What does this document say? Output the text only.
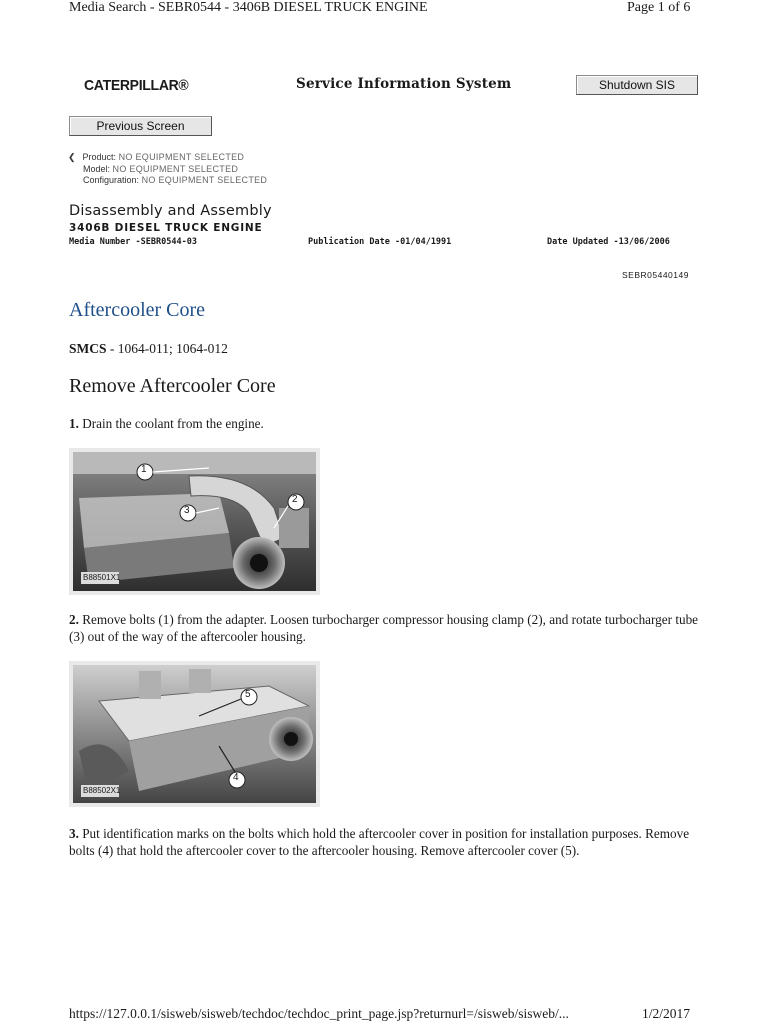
Media Search - SEBR0544 - 3406B DIESEL TRUCK ENGINE	Page 1 of 6
CATERPILLAR®	Service Information System	Shutdown SIS
Previous Screen
❮ Product: NO EQUIPMENT SELECTED
Model: NO EQUIPMENT SELECTED
Configuration: NO EQUIPMENT SELECTED
Disassembly and Assembly
3406B DIESEL TRUCK ENGINE
Media Number -SEBR0544-03	Publication Date -01/04/1991	Date Updated -13/06/2006
SEBR05440149
Aftercooler Core
SMCS - 1064-011; 1064-012
Remove Aftercooler Core
1. Drain the coolant from the engine.
1
2
3
B88501X1
2. Remove bolts (1) from the adapter. Loosen turbocharger compressor housing clamp (2), and rotate turbocharger tube (3) out of the way of the aftercooler housing.
5
4
B88502X1
3. Put identification marks on the bolts which hold the aftercooler cover in position for installation purposes. Remove bolts (4) that hold the aftercooler cover to the aftercooler housing. Remove aftercooler cover (5).
https://127.0.0.1/sisweb/sisweb/techdoc/techdoc_print_page.jsp?returnurl=/sisweb/sisweb/...	1/2/2017
